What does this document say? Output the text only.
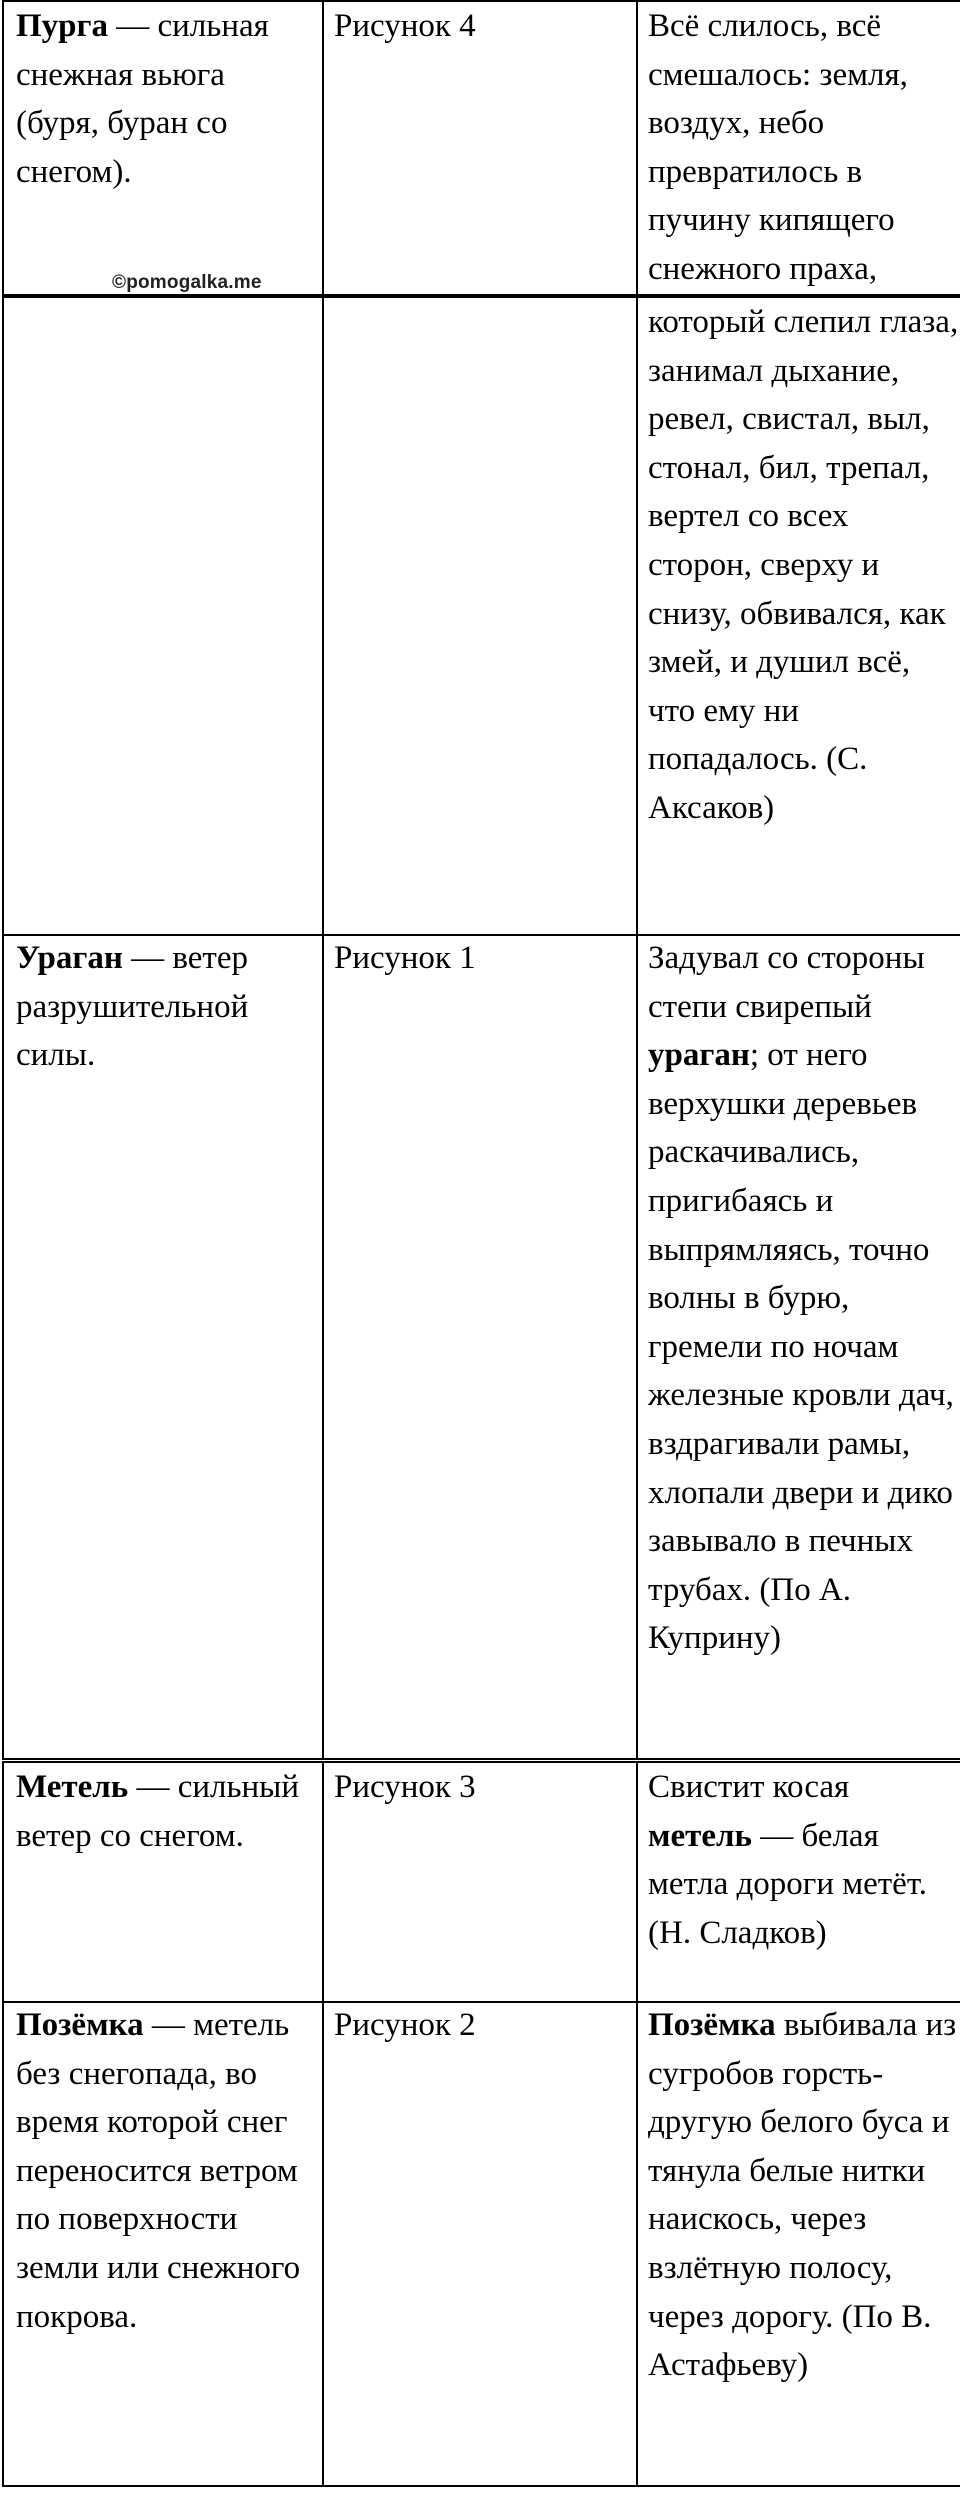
Пурга — сильная снежная вьюга (буря, буран со снегом).	Рисунок 4	Всё слилось, всё смешалось: земля, воздух, небо превратилось в пучину кипящего снежного праха,
©pomogalka.me
		который слепил глаза, занимал дыхание, ревел, свистал, выл, стонал, бил, трепал, вертел со всех сторон, сверху и снизу, обвивался, как змей, и душил всё, что ему ни попадалось. (С. Аксаков)
Ураган — ветер разрушительной силы.	Рисунок 1	Задувал со стороны степи свирепый ураган; от него верхушки деревьев раскачивались, пригибаясь и выпрямляясь, точно волны в бурю, гремели по ночам железные кровли дач, вздрагивали рамы, хлопали двери и дико завывало в печных трубах. (По А. Куприну)
Метель — сильный ветер со снегом.	Рисунок 3	Свистит косая метель — белая метла дороги метёт. (Н. Сладков)
Позёмка — метель без снегопада, во время которой снег переносится ветром по поверхности земли или снежного покрова.	Рисунок 2	Позёмка выбивала из сугробов горсть-другую белого буса и тянула белые нитки наискось, через взлётную полосу, через дорогу. (По В. Астафьеву)
